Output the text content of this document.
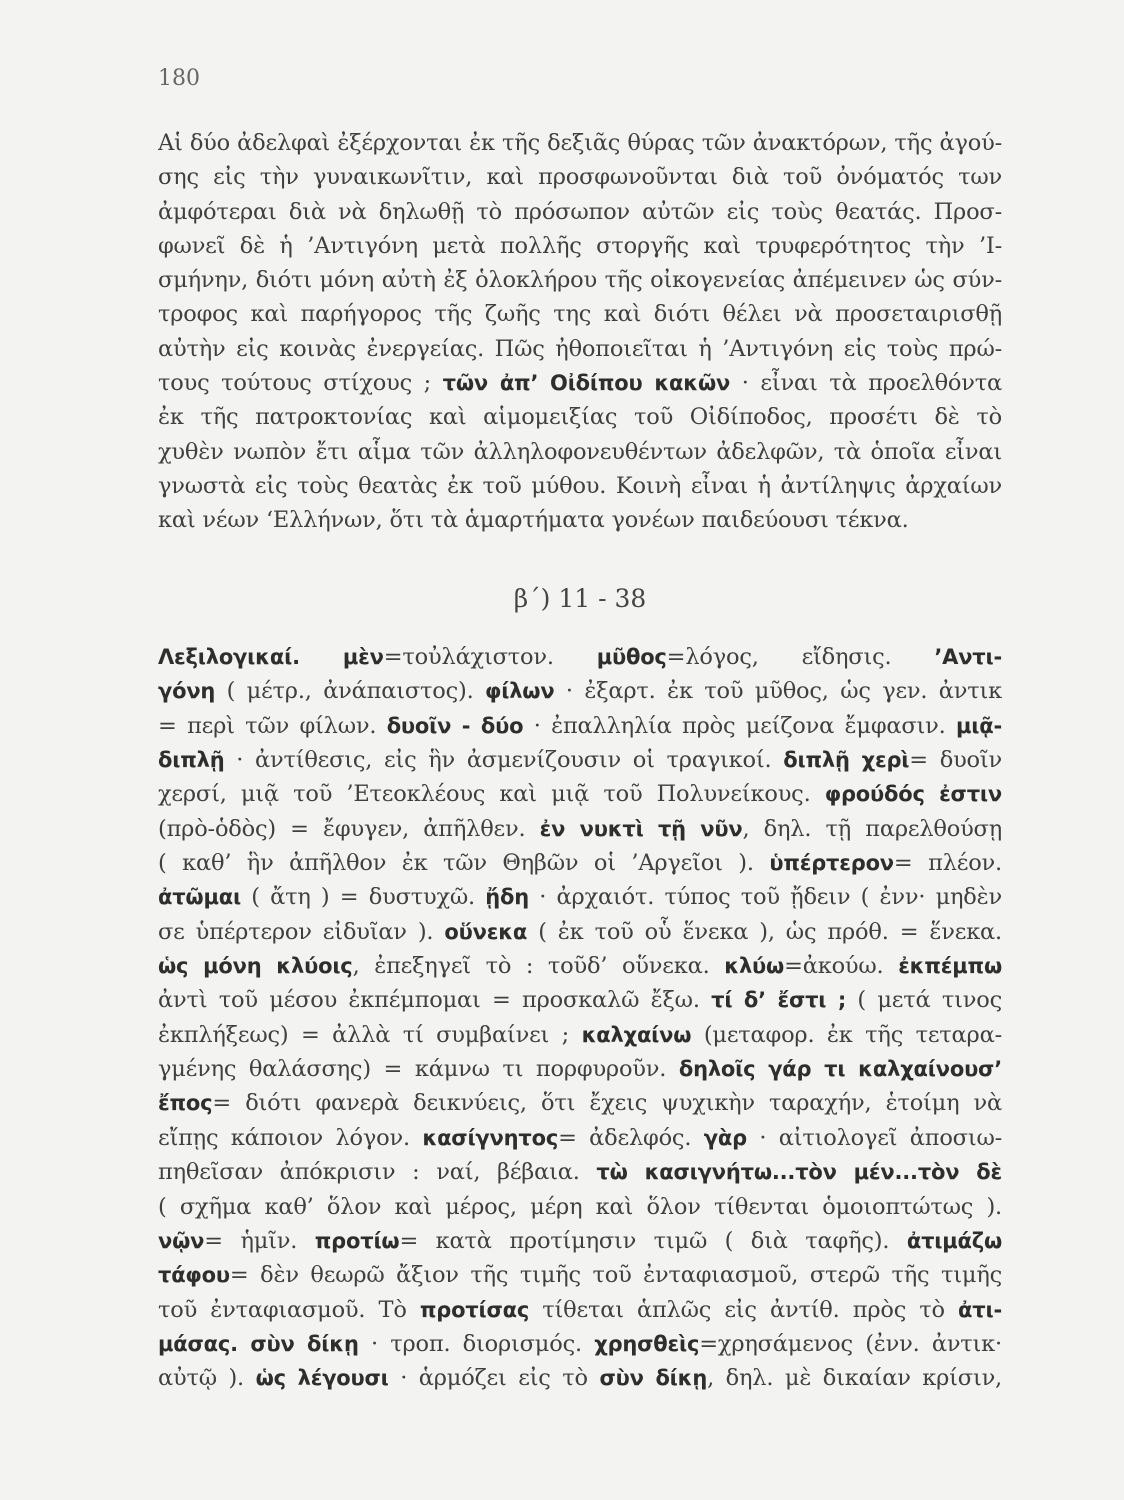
180
Αἱ δύο ἀδελφαὶ ἐξέρχονται ἐκ τῆς δεξιᾶς θύρας τῶν ἀνακτόρων, τῆς ἀγού-
σης εἰς τὴν γυναικωνῖτιν, καὶ προσφωνοῦνται διὰ τοῦ ὀνόματός των
ἀμφότεραι διὰ νὰ δηλωθῇ τὸ πρόσωπον αὐτῶν εἰς τοὺς θεατάς. Προσ-
φωνεῖ δὲ ἡ ’Αντιγόνη μετὰ πολλῆς στοργῆς καὶ τρυφερότητος τὴν ’Ι-
σμήνην, διότι μόνη αὐτὴ ἐξ ὁλοκλήρου τῆς οἰκογενείας ἀπέμεινεν ὡς σύν-
τροφος καὶ παρήγορος τῆς ζωῆς της καὶ διότι θέλει νὰ προσεταιρισθῇ
αὐτὴν εἰς κοινὰς ἐνεργείας. Πῶς ἠθοποιεῖται ἡ ’Αντιγόνη εἰς τοὺς πρώ-
τους τούτους στίχους ; τῶν ἀπ’ Οἰδίπου κακῶν · εἶναι τὰ προελθόντα
ἐκ τῆς πατροκτονίας καὶ αἱμομειξίας τοῦ Οἰδίποδος, προσέτι δὲ τὸ
χυθὲν νωπὸν ἔτι αἷμα τῶν ἀλληλοφονευθέντων ἀδελφῶν, τὰ ὁποῖα εἶναι
γνωστὰ εἰς τοὺς θεατὰς ἐκ τοῦ μύθου. Κοινὴ εἶναι ἡ ἀντίληψις ἀρχαίων
καὶ νέων ‘Ελλήνων, ὅτι τὰ ἁμαρτήματα γονέων παιδεύουσι τέκνα.
β΄) 11 - 38
Λεξιλογικαί. μὲν=τοὐλάχιστον. μῦθος=λόγος, εἴδησις. ’Αντι-
γόνη ( μέτρ., ἀνάπαιστος). φίλων · ἐξαρτ. ἐκ τοῦ μῦθος, ὡς γεν. ἀντικ
= περὶ τῶν φίλων. δυοῖν - δύο · ἐπαλληλία πρὸς μείζονα ἔμφασιν. μιᾷ-
διπλῇ · ἀντίθεσις, εἰς ἣν ἀσμενίζουσιν οἱ τραγικοί. διπλῇ χερὶ= δυοῖν
χερσί, μιᾷ τοῦ ’Ετεοκλέους καὶ μιᾷ τοῦ Πολυνείκους. φρούδός ἐστιν
(πρὸ-ὁδὸς) = ἔφυγεν, ἀπῆλθεν. ἐν νυκτὶ τῇ νῦν, δηλ. τῇ παρελθούσῃ
( καθ’ ἣν ἀπῆλθον ἐκ τῶν Θηβῶν οἱ ’Αργεῖοι ). ὑπέρτερον= πλέον.
ἀτῶμαι ( ἄτη ) = δυστυχῶ. ᾔδη · ἀρχαιότ. τύπος τοῦ ᾔδειν ( ἐνν· μηδὲν
σε ὑπέρτερον εἰδυῖαν ). οὕνεκα ( ἐκ τοῦ οὗ ἕνεκα ), ὡς πρόθ. = ἕνεκα.
ὡς μόνη κλύοις, ἐπεξηγεῖ τὸ : τοῦδ’ οὕνεκα. κλύω=ἀκούω. ἐκπέμπω
ἀντὶ τοῦ μέσου ἐκπέμπομαι = προσκαλῶ ἔξω. τί δ’ ἔστι ; ( μετά τινος
ἐκπλήξεως) = ἀλλὰ τί συμβαίνει ; καλχαίνω (μεταφορ. ἐκ τῆς τεταρα-
γμένης θαλάσσης) = κάμνω τι πορφυροῦν. δηλοῖς γάρ τι καλχαίνουσ’
ἔπος= διότι φανερὰ δεικνύεις, ὅτι ἔχεις ψυχικὴν ταραχήν, ἑτοίμη νὰ
εἴπῃς κάποιον λόγον. κασίγνητος= ἀδελφός. γὰρ · αἰτιολογεῖ ἀποσιω-
πηθεῖσαν ἀπόκρισιν : ναί, βέβαια. τὼ κασιγνήτω...τὸν μέν...τὸν δὲ
( σχῆμα καθ’ ὅλον καὶ μέρος, μέρη καὶ ὅλον τίθενται ὁμοιοπτώτως ).
νῷν= ἡμῖν. προτίω= κατὰ προτίμησιν τιμῶ ( διὰ ταφῆς). ἀτιμάζω
τάφου= δὲν θεωρῶ ἄξιον τῆς τιμῆς τοῦ ἐνταφιασμοῦ, στερῶ τῆς τιμῆς
τοῦ ἐνταφιασμοῦ. Τὸ προτίσας τίθεται ἁπλῶς εἰς ἀντίθ. πρὸς τὸ ἀτι-
μάσας. σὺν δίκῃ · τροπ. διορισμός. χρησθεὶς=χρησάμενος (ἐνν. ἀντικ·
αὐτῷ ). ὡς λέγουσι · ἁρμόζει εἰς τὸ σὺν δίκῃ, δηλ. μὲ δικαίαν κρίσιν,
